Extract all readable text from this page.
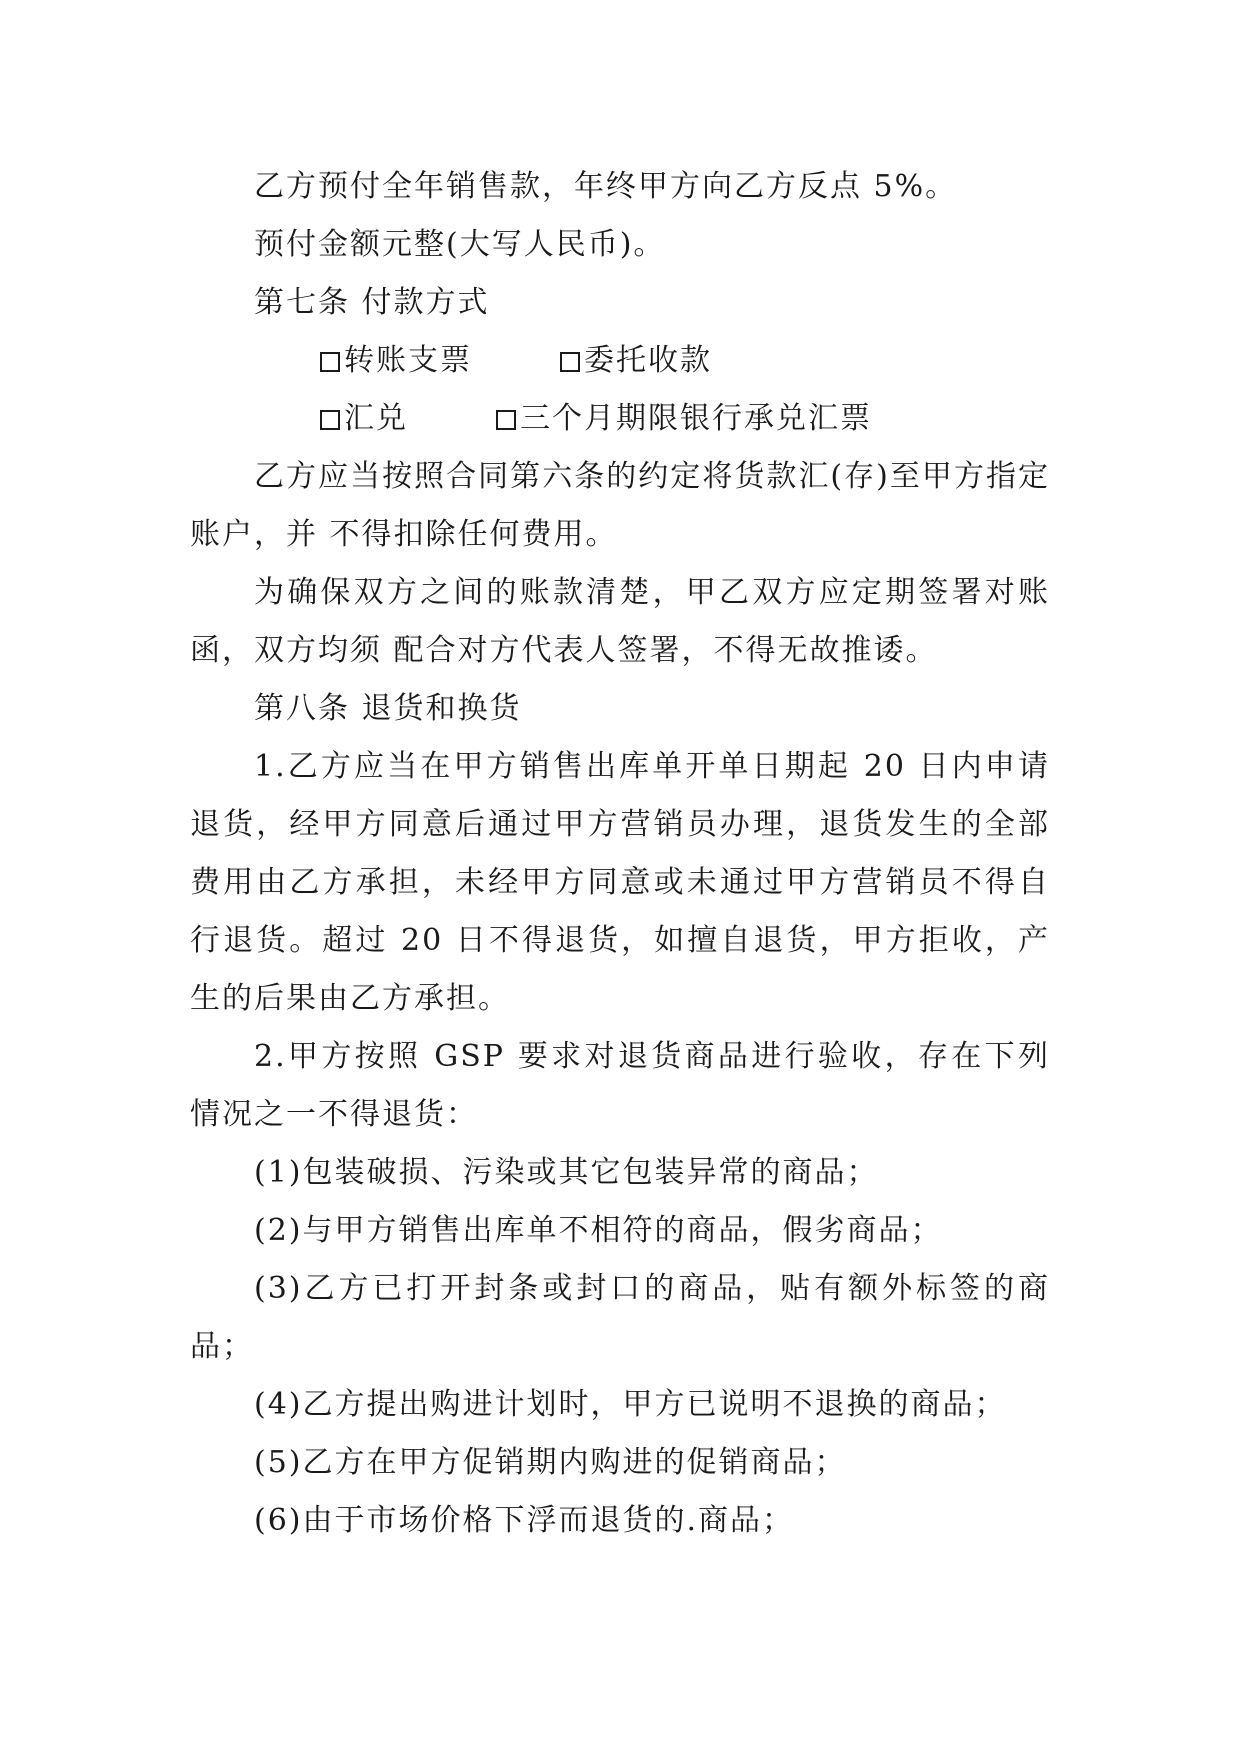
乙方预付全年销售款，年终甲方向乙方反点 5%。

预付金额元整(大写人民币)。

第七条 付款方式

转账支票	委托收款

汇兑	三个月期限银行承兑汇票

乙方应当按照合同第六条的约定将货款汇(存)至甲方指定账户，并 不得扣除任何费用。

为确保双方之间的账款清楚，甲乙双方应定期签署对账函，双方均须 配合对方代表人签署，不得无故推诿。

第八条 退货和换货

1.乙方应当在甲方销售出库单开单日期起 20 日内申请退货，经甲方同意后通过甲方营销员办理，退货发生的全部费用由乙方承担，未经甲方同意或未通过甲方营销员不得自行退货。超过 20 日不得退货，如擅自退货，甲方拒收，产生的后果由乙方承担。

2.甲方按照 GSP 要求对退货商品进行验收，存在下列情况之一不得退货：

(1)包装破损、污染或其它包装异常的商品；

(2)与甲方销售出库单不相符的商品，假劣商品；

(3)乙方已打开封条或封口的商品，贴有额外标签的商品；

(4)乙方提出购进计划时，甲方已说明不退换的商品；

(5)乙方在甲方促销期内购进的促销商品；

(6)由于市场价格下浮而退货的.商品；
